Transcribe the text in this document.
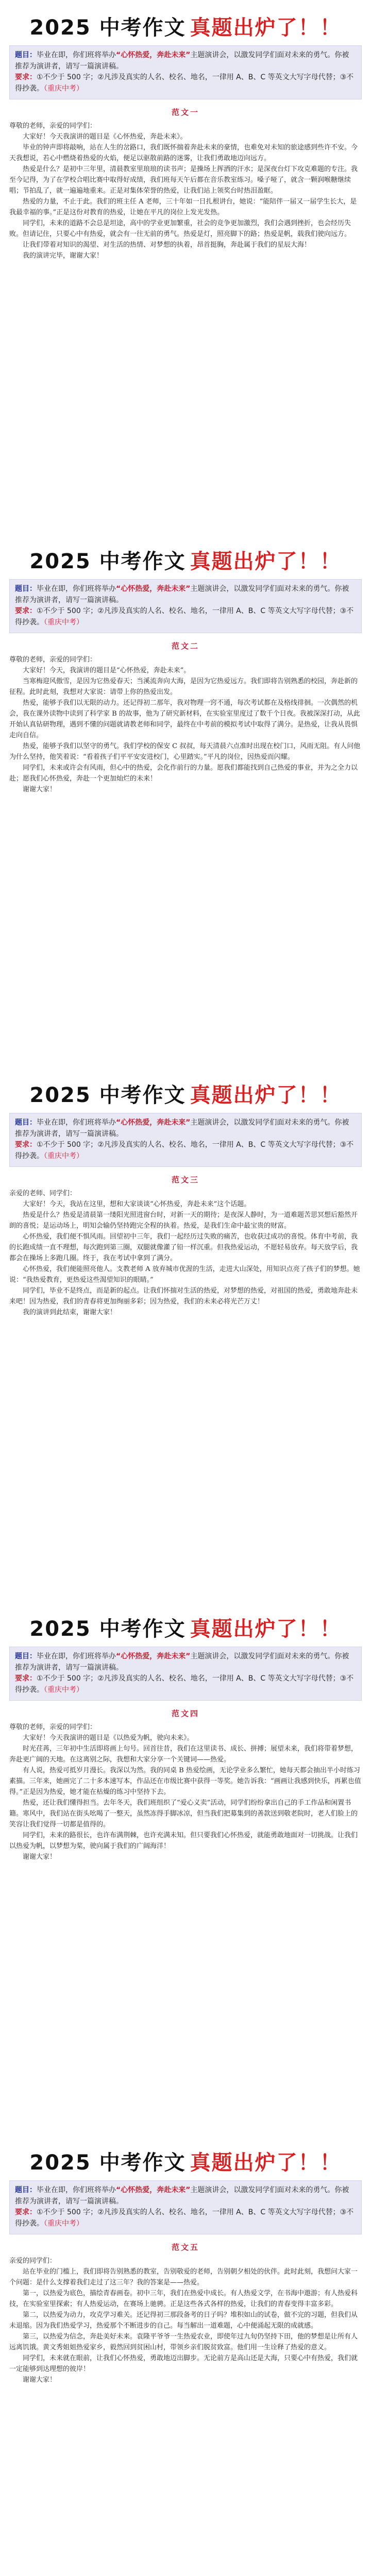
2025 中考作文 真题出炉了！！
题目：毕业在即，你们班将举办“心怀热爱，奔赴未来”主题演讲会，以激发同学们面对未来的勇气。你被推荐为演讲者，请写一篇演讲稿。
要求：①不少于 500 字；②凡涉及真实的人名、校名、地名，一律用 A、B、C 等英文大写字母代替；③不得抄袭。（重庆中考）
范文一

尊敬的老师，亲爱的同学们：

大家好！今天我演讲的题目是《心怀热爱，奔赴未来》。

毕业的钟声即将敲响，站在人生的岔路口，我们既怀揣着奔赴未来的豪情，也难免对未知的旅途感到些许不安。今天我想说，若心中燃烧着热爱的火焰，便足以驱散前路的迷雾，让我们勇敢地迈向远方。

热爱是什么？是初中三年里，清晨教室里琅琅的读书声；是操场上挥洒的汗水；是深夜台灯下攻克难题的专注。我至今记得，为了在学校合唱比赛中取得好成绩，我们班每天午后都在音乐教室练习。嗓子哑了，就含一颗润喉糖继续唱；节拍乱了，就一遍遍地重来。正是对集体荣誉的热爱，让我们站上领奖台时热泪盈眶。

热爱的力量，不止于此。我们的班主任 A 老师，三十年如一日扎根讲台，她说：“能陪伴一届又一届学生长大，是我最幸福的事。”正是这份对教育的热爱，让她在平凡的岗位上发光发热。

同学们，未来的道路不会总是坦途，高中的学业更加繁重，社会的竞争更加激烈，我们会遇到挫折，也会经历失败。但请记住，只要心中有热爱，就会有一往无前的勇气。热爱是灯，照亮脚下的路；热爱是帆，载我们驶向远方。

让我们带着对知识的渴望、对生活的热情、对梦想的执着，昂首挺胸，奔赴属于我们的星辰大海！

我的演讲完毕，谢谢大家！

2025 中考作文 真题出炉了！！
题目：毕业在即，你们班将举办“心怀热爱，奔赴未来”主题演讲会，以激发同学们面对未来的勇气。你被推荐为演讲者，请写一篇演讲稿。
要求：①不少于 500 字；②凡涉及真实的人名、校名、地名，一律用 A、B、C 等英文大写字母代替；③不得抄袭。（重庆中考）
范文二

尊敬的老师，亲爱的同学们：

大家好！今天，我演讲的题目是“心怀热爱，奔赴未来”。

当寒梅迎风傲雪，是因为它热爱春天；当溪流奔向大海，是因为它热爱远方。我们即将告别熟悉的校园，奔赴新的征程。此时此刻，我想对大家说：请带上你的热爱出发。

热爱，能够予我们以无限的动力。还记得初二那年，我对物理一窍不通，每次考试都在及格线徘徊。一次偶然的机会，我在课外读物中读到了科学家 B 的故事，他为了研究新材料，在实验室里度过了数千个日夜。我被深深打动，从此开始认真钻研物理，遇到不懂的问题就请教老师和同学，最终在中考前的模拟考试中取得了满分。是热爱，让我从畏惧走向自信。

热爱，能够予我们以坚守的勇气。我们学校的保安 C 叔叔，每天清晨六点准时出现在校门口，风雨无阻。有人问他为什么坚持，他笑着说：“看着孩子们平平安安进校门，心里踏实。”平凡的岗位，因热爱而闪耀。

同学们，未来或许会有风雨，但心中的热爱，会化作前行的力量。愿我们都能找到自己热爱的事业，并为之全力以赴；愿我们心怀热爱，奔赴一个更加灿烂的未来！

谢谢大家！

2025 中考作文 真题出炉了！！
题目：毕业在即，你们班将举办“心怀热爱，奔赴未来”主题演讲会，以激发同学们面对未来的勇气。你被推荐为演讲者，请写一篇演讲稿。
要求：①不少于 500 字；②凡涉及真实的人名、校名、地名，一律用 A、B、C 等英文大写字母代替；③不得抄袭。（重庆中考）
范文三

亲爱的老师、同学们：

大家好！今天，我站在这里，想和大家谈谈“心怀热爱，奔赴未来”这个话题。

热爱是什么？热爱是清晨第一缕阳光照进窗台时，对新一天的期待；是夜深人静时，为一道难题苦思冥想后豁然开朗的喜悦；是运动场上，明知会输仍坚持跑完全程的执着。热爱，是我们生命中最宝贵的财富。

心怀热爱，我们便不惧风雨。回望初中三年，我们一起经历过失败的痛苦，也收获过成功的喜悦。体育中考前，我的长跑成绩一直不理想，每次跑到第三圈，双腿就像灌了铅一样沉重。但我热爱运动，不愿轻易放弃。每天放学后，我都会在操场上多跑几圈。终于，我在考试中拿到了满分。

心怀热爱，我们便能照亮他人。支教老师 A 放弃城市优渥的生活，走进大山深处，用知识点亮了孩子们的梦想。她说：“我热爱教育，更热爱这些渴望知识的眼睛。”

同学们，毕业不是终点，而是新的起点。让我们怀揣对生活的热爱，对梦想的热爱，对祖国的热爱，勇敢地奔赴未来吧！因为热爱，我们的青春将更加绚丽多彩；因为热爱，我们的未来必将光芒万丈！

我的演讲到此结束，谢谢大家！

2025 中考作文 真题出炉了！！
题目：毕业在即，你们班将举办“心怀热爱，奔赴未来”主题演讲会，以激发同学们面对未来的勇气。你被推荐为演讲者，请写一篇演讲稿。
要求：①不少于 500 字；②凡涉及真实的人名、校名、地名，一律用 A、B、C 等英文大写字母代替；③不得抄袭。（重庆中考）
范文四

尊敬的老师，亲爱的同学们：

大家好！今天我演讲的题目是《以热爱为帆，驶向未来》。

时光荏苒，三年初中生活即将画上句号。回首往昔，我们在这里读书、成长、拼搏；展望未来，我们将带着梦想，奔赴更广阔的天地。在这离别之际，我想和大家分享一个关键词——热爱。

有人说，热爱可抵岁月漫长。我深以为然。我的同桌 B 热爱绘画，无论学业多么繁忙，她每天都会抽出半小时练习素描。三年来，她画完了二十多本速写本，作品还在市级比赛中获得一等奖。她告诉我：“画画让我感到快乐，再累也值得。”正是因为热爱，她才能在枯燥的练习中坚持下去。

热爱，还让我们懂得担当。去年冬天，我们班组织了“爱心义卖”活动，同学们纷纷拿出自己的手工作品和闲置书籍。寒风中，我们站在街头吆喝了一整天，虽然冻得手脚冰凉，但当我们把募集到的善款送到敬老院时，老人们脸上的笑容让我们觉得一切都是值得的。

同学们，未来的路很长，也许布满荆棘，也许充满未知。但只要我们心怀热爱，就能勇敢地面对一切挑战。让我们以热爱为帆，以梦想为桨，驶向属于我们的广阔海洋！

谢谢大家！

2025 中考作文 真题出炉了！！
题目：毕业在即，你们班将举办“心怀热爱，奔赴未来”主题演讲会，以激发同学们面对未来的勇气。你被推荐为演讲者，请写一篇演讲稿。
要求：①不少于 500 字；②凡涉及真实的人名、校名、地名，一律用 A、B、C 等英文大写字母代替；③不得抄袭。（重庆中考）
范文五

亲爱的同学们：

站在毕业的门槛上，我们即将告别熟悉的教室，告别敬爱的老师，告别朝夕相处的伙伴。此时此刻，我想问大家一个问题：是什么支撑着我们走过了这三年？我的答案是——热爱。

第一，以热爱为底色，描绘青春画卷。初中三年，我们在热爱中成长。有人热爱文学，在书海中遨游；有人热爱科技，在实验室里探索；有人热爱运动，在赛场上驰骋。正是这些各式各样的热爱，让我们的青春变得丰富多彩。

第二，以热爱为动力，攻克学习难关。还记得初三那段备考的日子吗？堆积如山的试卷，做不完的习题，但我们从未退缩。因为我们热爱学习，热爱那个不断进步的自己。每当解出一道难题，心中便涌起无限的成就感。

第三，以热爱为信念，奔赴美好未来。袁隆平爷爷一生热爱农业，即使年过九旬仍坚持下田，他的梦想是让所有人远离饥饿。黄文秀姐姐热爱家乡，毅然回到贫困山村，带领乡亲们脱贫致富。他们用一生诠释了热爱的意义。

同学们，未来就在眼前，让我们心怀热爱，勇敢地迈出脚步。无论前方是高山还是大海，只要心中有热爱，我们就一定能够到达理想的彼岸！

谢谢大家！
